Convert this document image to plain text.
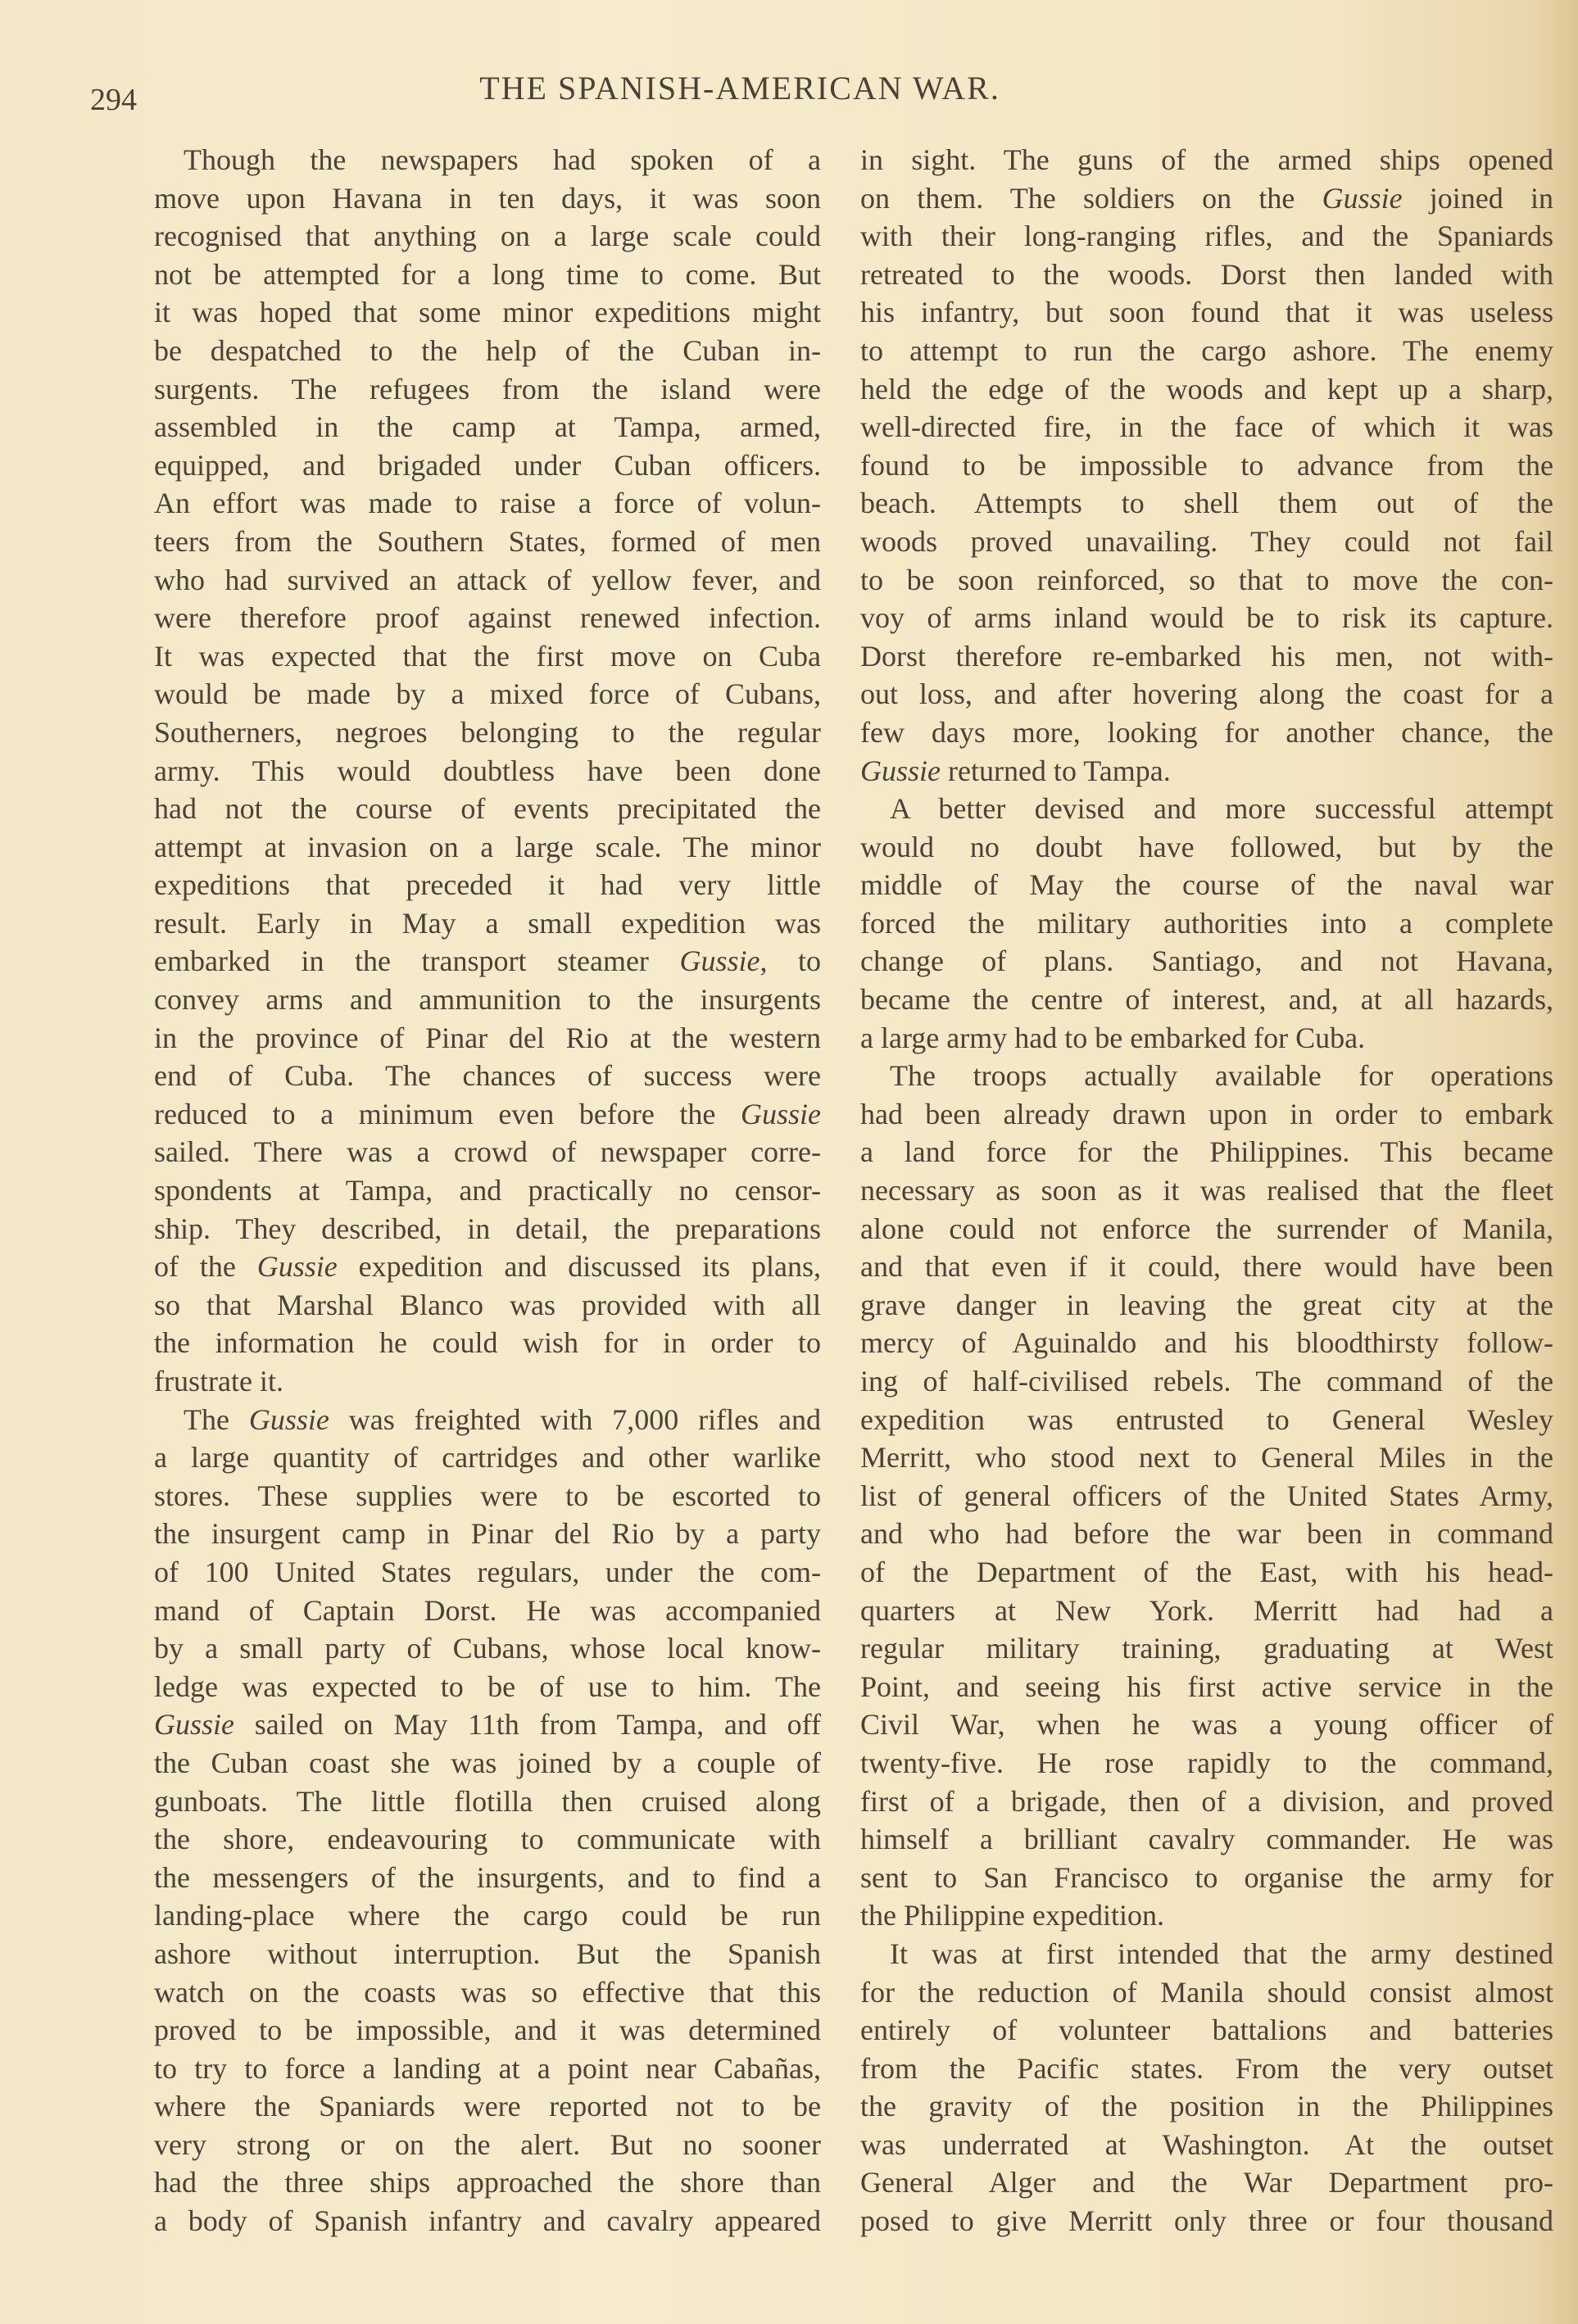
294	THE SPANISH-AMERICAN WAR.
Though the newspapers had spoken of a
move upon Havana in ten days, it was soon
recognised that anything on a large scale could
not be attempted for a long time to come. But
it was hoped that some minor expeditions might
be despatched to the help of the Cuban in-
surgents. The refugees from the island were
assembled in the camp at Tampa, armed,
equipped, and brigaded under Cuban officers.
An effort was made to raise a force of volun-
teers from the Southern States, formed of men
who had survived an attack of yellow fever, and
were therefore proof against renewed infection.
It was expected that the first move on Cuba
would be made by a mixed force of Cubans,
Southerners, negroes belonging to the regular
army. This would doubtless have been done
had not the course of events precipitated the
attempt at invasion on a large scale. The minor
expeditions that preceded it had very little
result. Early in May a small expedition was
embarked in the transport steamer Gussie, to
convey arms and ammunition to the insurgents
in the province of Pinar del Rio at the western
end of Cuba. The chances of success were
reduced to a minimum even before the Gussie
sailed. There was a crowd of newspaper corre-
spondents at Tampa, and practically no censor-
ship. They described, in detail, the preparations
of the Gussie expedition and discussed its plans,
so that Marshal Blanco was provided with all
the information he could wish for in order to
frustrate it.
The Gussie was freighted with 7,000 rifles and
a large quantity of cartridges and other warlike
stores. These supplies were to be escorted to
the insurgent camp in Pinar del Rio by a party
of 100 United States regulars, under the com-
mand of Captain Dorst. He was accompanied
by a small party of Cubans, whose local know-
ledge was expected to be of use to him. The
Gussie sailed on May 11th from Tampa, and off
the Cuban coast she was joined by a couple of
gunboats. The little flotilla then cruised along
the shore, endeavouring to communicate with
the messengers of the insurgents, and to find a
landing-place where the cargo could be run
ashore without interruption. But the Spanish
watch on the coasts was so effective that this
proved to be impossible, and it was determined
to try to force a landing at a point near Cabañas,
where the Spaniards were reported not to be
very strong or on the alert. But no sooner
had the three ships approached the shore than
a body of Spanish infantry and cavalry appeared
in sight. The guns of the armed ships opened
on them. The soldiers on the Gussie joined in
with their long-ranging rifles, and the Spaniards
retreated to the woods. Dorst then landed with
his infantry, but soon found that it was useless
to attempt to run the cargo ashore. The enemy
held the edge of the woods and kept up a sharp,
well-directed fire, in the face of which it was
found to be impossible to advance from the
beach. Attempts to shell them out of the
woods proved unavailing. They could not fail
to be soon reinforced, so that to move the con-
voy of arms inland would be to risk its capture.
Dorst therefore re-embarked his men, not with-
out loss, and after hovering along the coast for a
few days more, looking for another chance, the
Gussie returned to Tampa.
A better devised and more successful attempt
would no doubt have followed, but by the
middle of May the course of the naval war
forced the military authorities into a complete
change of plans. Santiago, and not Havana,
became the centre of interest, and, at all hazards,
a large army had to be embarked for Cuba.
The troops actually available for operations
had been already drawn upon in order to embark
a land force for the Philippines. This became
necessary as soon as it was realised that the fleet
alone could not enforce the surrender of Manila,
and that even if it could, there would have been
grave danger in leaving the great city at the
mercy of Aguinaldo and his bloodthirsty follow-
ing of half-civilised rebels. The command of the
expedition was entrusted to General Wesley
Merritt, who stood next to General Miles in the
list of general officers of the United States Army,
and who had before the war been in command
of the Department of the East, with his head-
quarters at New York. Merritt had had a
regular military training, graduating at West
Point, and seeing his first active service in the
Civil War, when he was a young officer of
twenty-five. He rose rapidly to the command,
first of a brigade, then of a division, and proved
himself a brilliant cavalry commander. He was
sent to San Francisco to organise the army for
the Philippine expedition.
It was at first intended that the army destined
for the reduction of Manila should consist almost
entirely of volunteer battalions and batteries
from the Pacific states. From the very outset
the gravity of the position in the Philippines
was underrated at Washington. At the outset
General Alger and the War Department pro-
posed to give Merritt only three or four thousand
